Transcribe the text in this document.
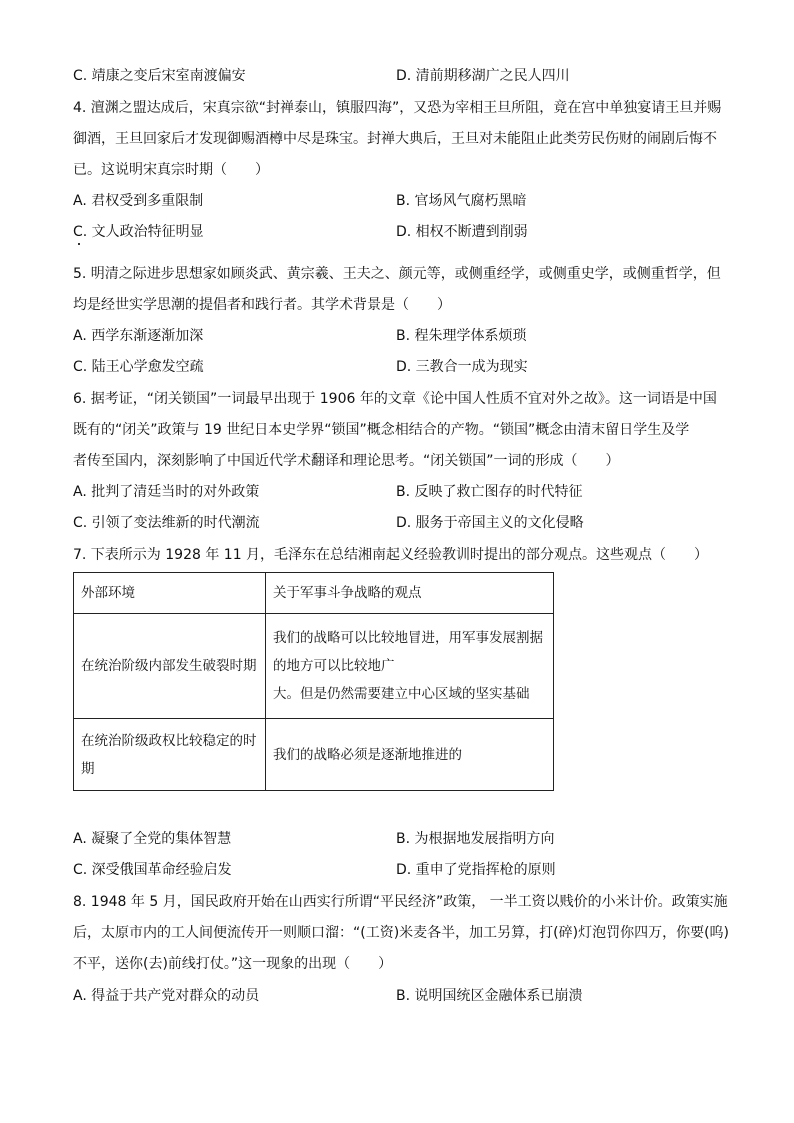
C. 靖康之变后宋室南渡偏安	D. 清前期移湖广之民人四川
4. 澶渊之盟达成后，宋真宗欲“封禅泰山，镇服四海”，又恐为宰相王旦所阻，竟在宫中单独宴请王旦并赐
御酒，王旦回家后才发现御赐酒樽中尽是珠宝。封禅大典后，王旦对未能阻止此类劳民伤财的闹剧后悔不
已。这说明宋真宗时期（　　）
A. 君权受到多重限制	B. 官场风气腐朽黑暗
C. 文人政治特征明显	D. 相权不断遭到削弱
5. 明清之际进步思想家如顾炎武、黄宗羲、王夫之、颜元等，或侧重经学，或侧重史学，或侧重哲学，但
均是经世实学思潮的提倡者和践行者。其学术背景是（　　）
A. 西学东渐逐渐加深	B. 程朱理学体系烦琐
C. 陆王心学愈发空疏	D. 三教合一成为现实
6. 据考证，“闭关锁国”一词最早出现于 1906 年的文章《论中国人性质不宜对外之故》。这一词语是中国
既有的“闭关”政策与 19 世纪日本史学界“锁国”概念相结合的产物。“锁国”概念由清末留日学生及学
者传至国内，深刻影响了中国近代学术翻译和理论思考。“闭关锁国”一词的形成（　　）
A. 批判了清廷当时的对外政策	B. 反映了救亡图存的时代特征
C. 引领了变法维新的时代潮流	D. 服务于帝国主义的文化侵略
7. 下表所示为 1928 年 11 月，毛泽东在总结湘南起义经验教训时提出的部分观点。这些观点（　　）
外部环境	关于军事斗争战略的观点
在统治阶级内部发生破裂时期	我们的战略可以比较地冒进，用军事发展割据的地方可以比较地广
大。但是仍然需要建立中心区域的坚实基础

在统治阶级政权比较稳定的时期	我们的战略必须是逐渐地推进的
A. 凝聚了全党的集体智慧	B. 为根据地发展指明方向
C. 深受俄国革命经验启发	D. 重申了党指挥枪的原则
8. 1948 年 5 月，国民政府开始在山西实行所谓“平民经济”政策， 一半工资以贱价的小米计价。政策实施
后，太原市内的工人间便流传开一则顺口溜：“(工资)米麦各半，加工另算，打(碎)灯泡罚你四万，你要(呜)
不平，送你(去)前线打仗。”这一现象的出现（　　）
A. 得益于共产党对群众的动员	B. 说明国统区金融体系已崩溃
